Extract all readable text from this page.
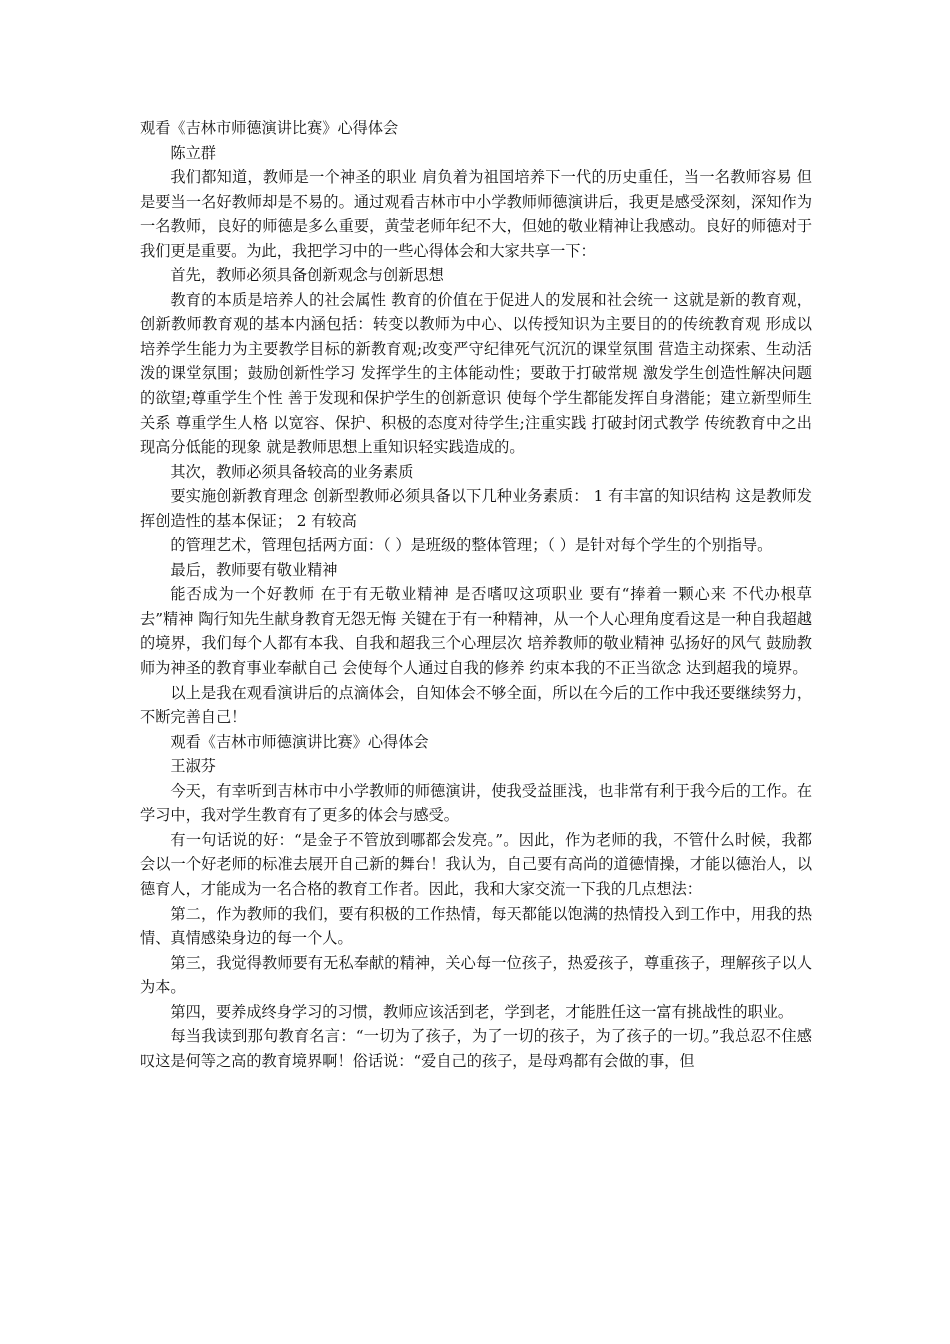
观看《吉林市师德演讲比赛》心得体会

陈立群

我们都知道，教师是一个神圣的职业 肩负着为祖国培养下一代的历史重任，当一名教师容易 但是要当一名好教师却是不易的。通过观看吉林市中小学教师师德演讲后，我更是感受深刻，深知作为一名教师，良好的师德是多么重要，黄莹老师年纪不大，但她的敬业精神让我感动。良好的师德对于我们更是重要。为此，我把学习中的一些心得体会和大家共享一下：

首先，教师必须具备创新观念与创新思想

教育的本质是培养人的社会属性 教育的价值在于促进人的发展和社会统一 这就是新的教育观，创新教师教育观的基本内涵包括：转变以教师为中心、以传授知识为主要目的的传统教育观 形成以培养学生能力为主要教学目标的新教育观;改变严守纪律死气沉沉的课堂氛围 营造主动探索、生动活泼的课堂氛围；鼓励创新性学习 发挥学生的主体能动性；要敢于打破常规 激发学生创造性解决问题的欲望;尊重学生个性 善于发现和保护学生的创新意识 使每个学生都能发挥自身潜能；建立新型师生关系 尊重学生人格 以宽容、保护、积极的态度对待学生;注重实践 打破封闭式教学 传统教育中之出现高分低能的现象 就是教师思想上重知识轻实践造成的。

其次，教师必须具备较高的业务素质

要实施创新教育理念 创新型教师必须具备以下几种业务素质： 1 有丰富的知识结构 这是教师发挥创造性的基本保证； 2 有较高

的管理艺术，管理包括两方面：（ ）是班级的整体管理；（ ）是针对每个学生的个别指导。

最后，教师要有敬业精神

能否成为一个好教师 在于有无敬业精神 是否嗜叹这项职业 要有“捧着一颗心来 不代办根草去”精神 陶行知先生献身教育无怨无悔 关键在于有一种精神，从一个人心理角度看这是一种自我超越的境界，我们每个人都有本我、自我和超我三个心理层次 培养教师的敬业精神 弘扬好的风气 鼓励教师为神圣的教育事业奉献自己 会使每个人通过自我的修养 约束本我的不正当欲念 达到超我的境界。

以上是我在观看演讲后的点滴体会，自知体会不够全面，所以在今后的工作中我还要继续努力，不断完善自己！

观看《吉林市师德演讲比赛》心得体会

王淑芬

今天，有幸听到吉林市中小学教师的师德演讲，使我受益匪浅，也非常有利于我今后的工作。在学习中，我对学生教育有了更多的体会与感受。

有一句话说的好：“是金子不管放到哪都会发亮。”。因此，作为老师的我，不管什么时候，我都会以一个好老师的标准去展开自己新的舞台！我认为，自己要有高尚的道德情操，才能以德治人，以德育人，才能成为一名合格的教育工作者。因此，我和大家交流一下我的几点想法：

第二，作为教师的我们，要有积极的工作热情，每天都能以饱满的热情投入到工作中，用我的热情、真情感染身边的每一个人。

第三，我觉得教师要有无私奉献的精神，关心每一位孩子，热爱孩子，尊重孩子，理解孩子以人为本。

第四，要养成终身学习的习惯，教师应该活到老，学到老，才能胜任这一富有挑战性的职业。

每当我读到那句教育名言：“一切为了孩子，为了一切的孩子，为了孩子的一切。”我总忍不住感叹这是何等之高的教育境界啊！俗话说：“爱自己的孩子，是母鸡都有会做的事，但
